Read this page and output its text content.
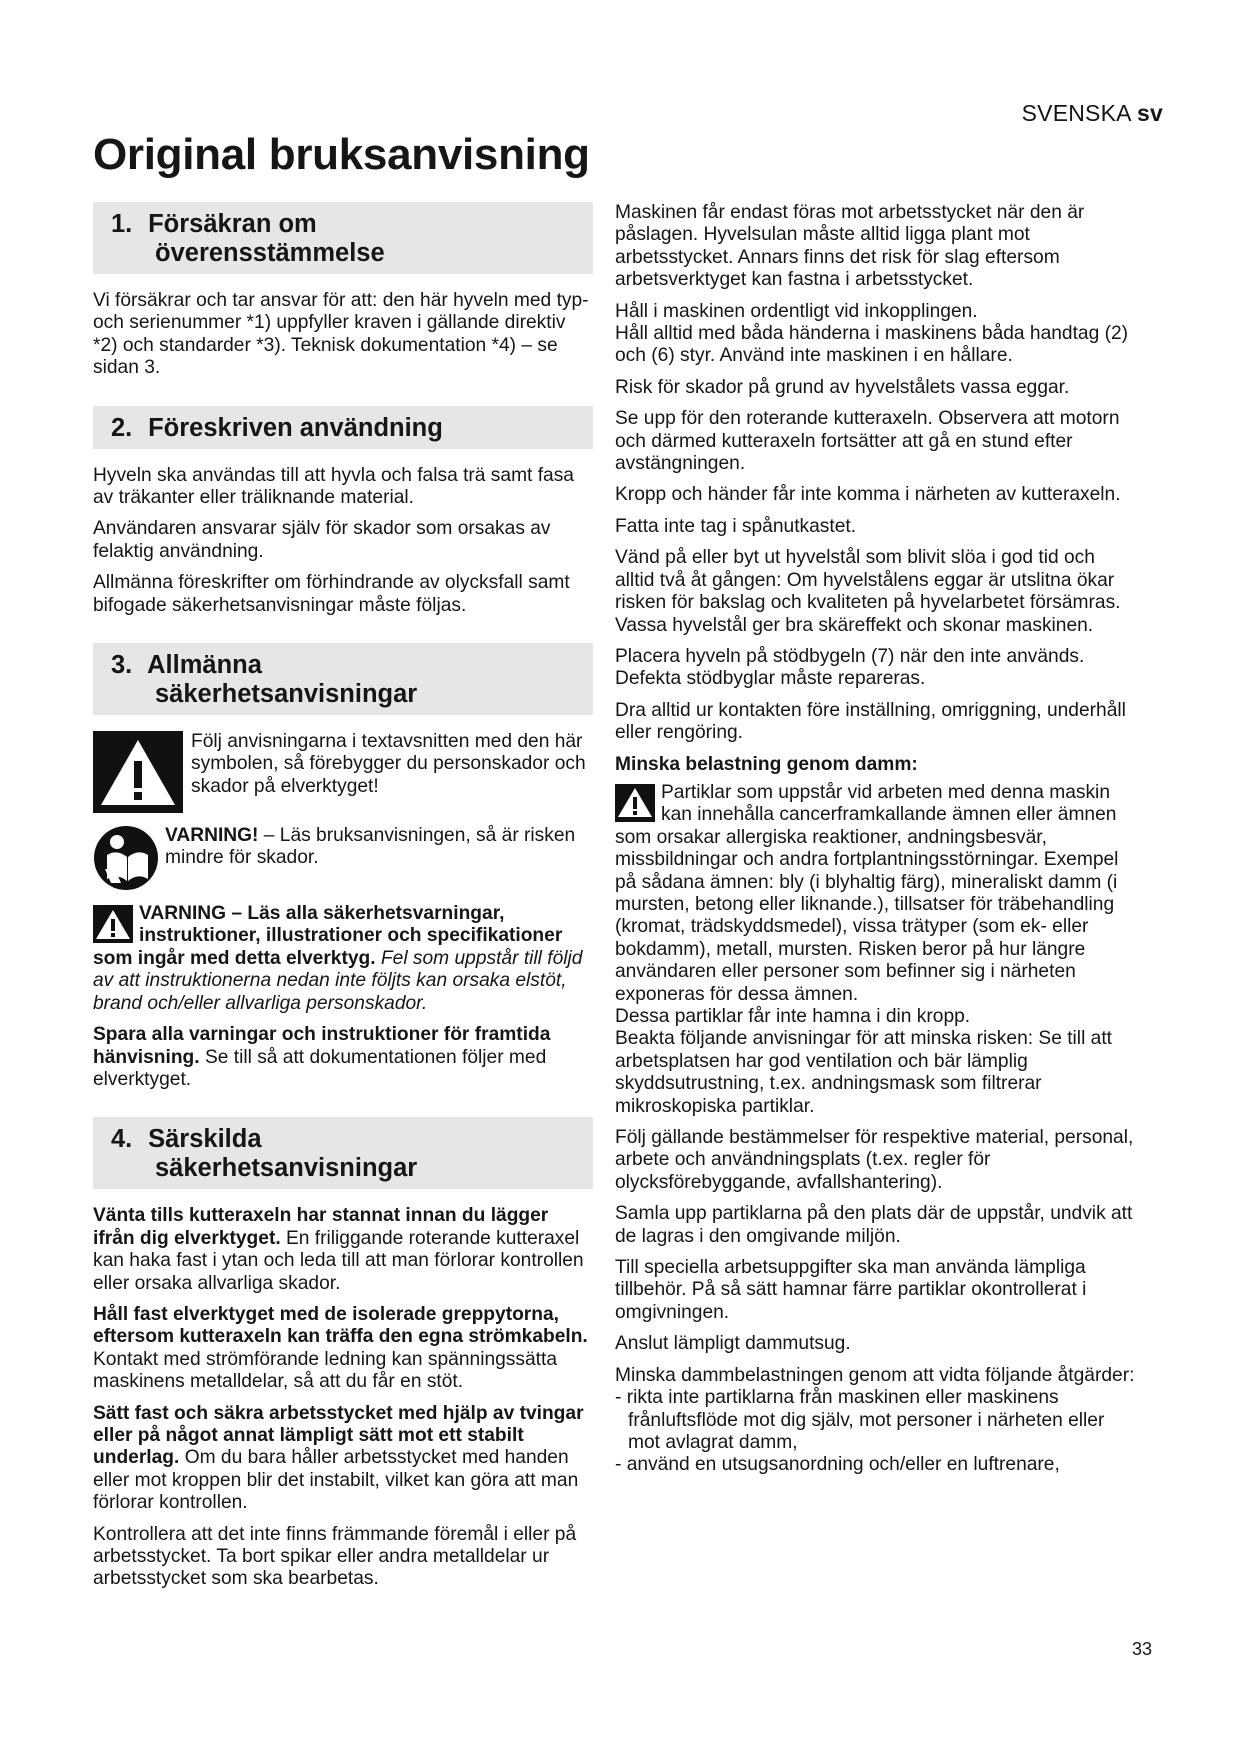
SVENSKA sv
Original bruksanvisning
1. Försäkran om
överensstämmelse

Vi försäkrar och tar ansvar för att: den här hyveln med typ- och serienummer *1) uppfyller kraven i gällande direktiv *2) och standarder *3). Teknisk dokumentation *4) – se sidan 3.

2. Föreskriven användning

Hyveln ska användas till att hyvla och falsa trä samt fasa av träkanter eller träliknande material.

Användaren ansvarar själv för skador som orsakas av felaktig användning.

Allmänna föreskrifter om förhindrande av olycksfall samt bifogade säkerhetsanvisningar måste följas.

3. Allmänna
säkerhetsanvisningar
Följ anvisningarna i textavsnitten med den här symbolen, så förebygger du personskador och skador på elverktyget!
VARNING! – Läs bruksanvisningen, så är risken mindre för skador.

VARNING – Läs alla säkerhetsvarningar, instruktioner, illustrationer och specifikationer som ingår med detta elverktyg. Fel som uppstår till följd av att instruktionerna nedan inte följts kan orsaka elstöt, brand och/eller allvarliga personskador.

Spara alla varningar och instruktioner för framtida hänvisning. Se till så att dokumentationen följer med elverktyget.

4. Särskilda
säkerhetsanvisningar

Vänta tills kutteraxeln har stannat innan du lägger ifrån dig elverktyget. En friliggande roterande kutteraxel kan haka fast i ytan och leda till att man förlorar kontrollen eller orsaka allvarliga skador.

Håll fast elverktyget med de isolerade greppytorna, eftersom kutteraxeln kan träffa den egna strömkabeln. Kontakt med strömförande ledning kan spänningssätta maskinens metalldelar, så att du får en stöt.

Sätt fast och säkra arbetsstycket med hjälp av tvingar eller på något annat lämpligt sätt mot ett stabilt underlag. Om du bara håller arbetsstycket med handen eller mot kroppen blir det instabilt, vilket kan göra att man förlorar kontrollen.

Kontrollera att det inte finns främmande föremål i eller på arbetsstycket. Ta bort spikar eller andra metalldelar ur arbetsstycket som ska bearbetas.

Maskinen får endast föras mot arbetsstycket när den är påslagen. Hyvelsulan måste alltid ligga plant mot arbetsstycket. Annars finns det risk för slag eftersom arbetsverktyget kan fastna i arbetsstycket.

Håll i maskinen ordentligt vid inkopplingen.
Håll alltid med båda händerna i maskinens båda handtag (2) och (6) styr. Använd inte maskinen i en hållare.

Risk för skador på grund av hyvelstålets vassa eggar.

Se upp för den roterande kutteraxeln. Observera att motorn och därmed kutteraxeln fortsätter att gå en stund efter avstängningen.

Kropp och händer får inte komma i närheten av kutteraxeln.

Fatta inte tag i spånutkastet.

Vänd på eller byt ut hyvelstål som blivit slöa i god tid och alltid två åt gången: Om hyvelstålens eggar är utslitna ökar risken för bakslag och kvaliteten på hyvelarbetet försämras. Vassa hyvelstål ger bra skäreffekt och skonar maskinen.

Placera hyveln på stödbygeln (7) när den inte används. Defekta stödbyglar måste repareras.

Dra alltid ur kontakten före inställning, omriggning, underhåll eller rengöring.

Minska belastning genom damm:

Partiklar som uppstår vid arbeten med denna maskin kan innehålla cancerframkallande ämnen eller ämnen som orsakar allergiska reaktioner, andningsbesvär, missbildningar och andra fortplantningsstörningar. Exempel på sådana ämnen: bly (i blyhaltig färg), mineraliskt damm (i mursten, betong eller liknande.), tillsatser för träbehandling (kromat, trädskyddsmedel), vissa trätyper (som ek- eller bokdamm), metall, mursten. Risken beror på hur längre användaren eller personer som befinner sig i närheten exponeras för dessa ämnen.

Dessa partiklar får inte hamna i din kropp.

Beakta följande anvisningar för att minska risken: Se till att arbetsplatsen har god ventilation och bär lämplig skyddsutrustning, t.ex. andningsmask som filtrerar mikroskopiska partiklar.

Följ gällande bestämmelser för respektive material, personal, arbete och användningsplats (t.ex. regler för olycksförebyggande, avfallshantering).

Samla upp partiklarna på den plats där de uppstår, undvik att de lagras i den omgivande miljön.

Till speciella arbetsuppgifter ska man använda lämpliga tillbehör. På så sätt hamnar färre partiklar okontrollerat i omgivningen.

Anslut lämpligt dammutsug.

Minska dammbelastningen genom att vidta följande åtgärder:

- rikta inte partiklarna från maskinen eller maskinens frånluftsflöde mot dig själv, mot personer i närheten eller mot avlagrat damm,

- använd en utsugsanordning och/eller en luftrenare,

33
